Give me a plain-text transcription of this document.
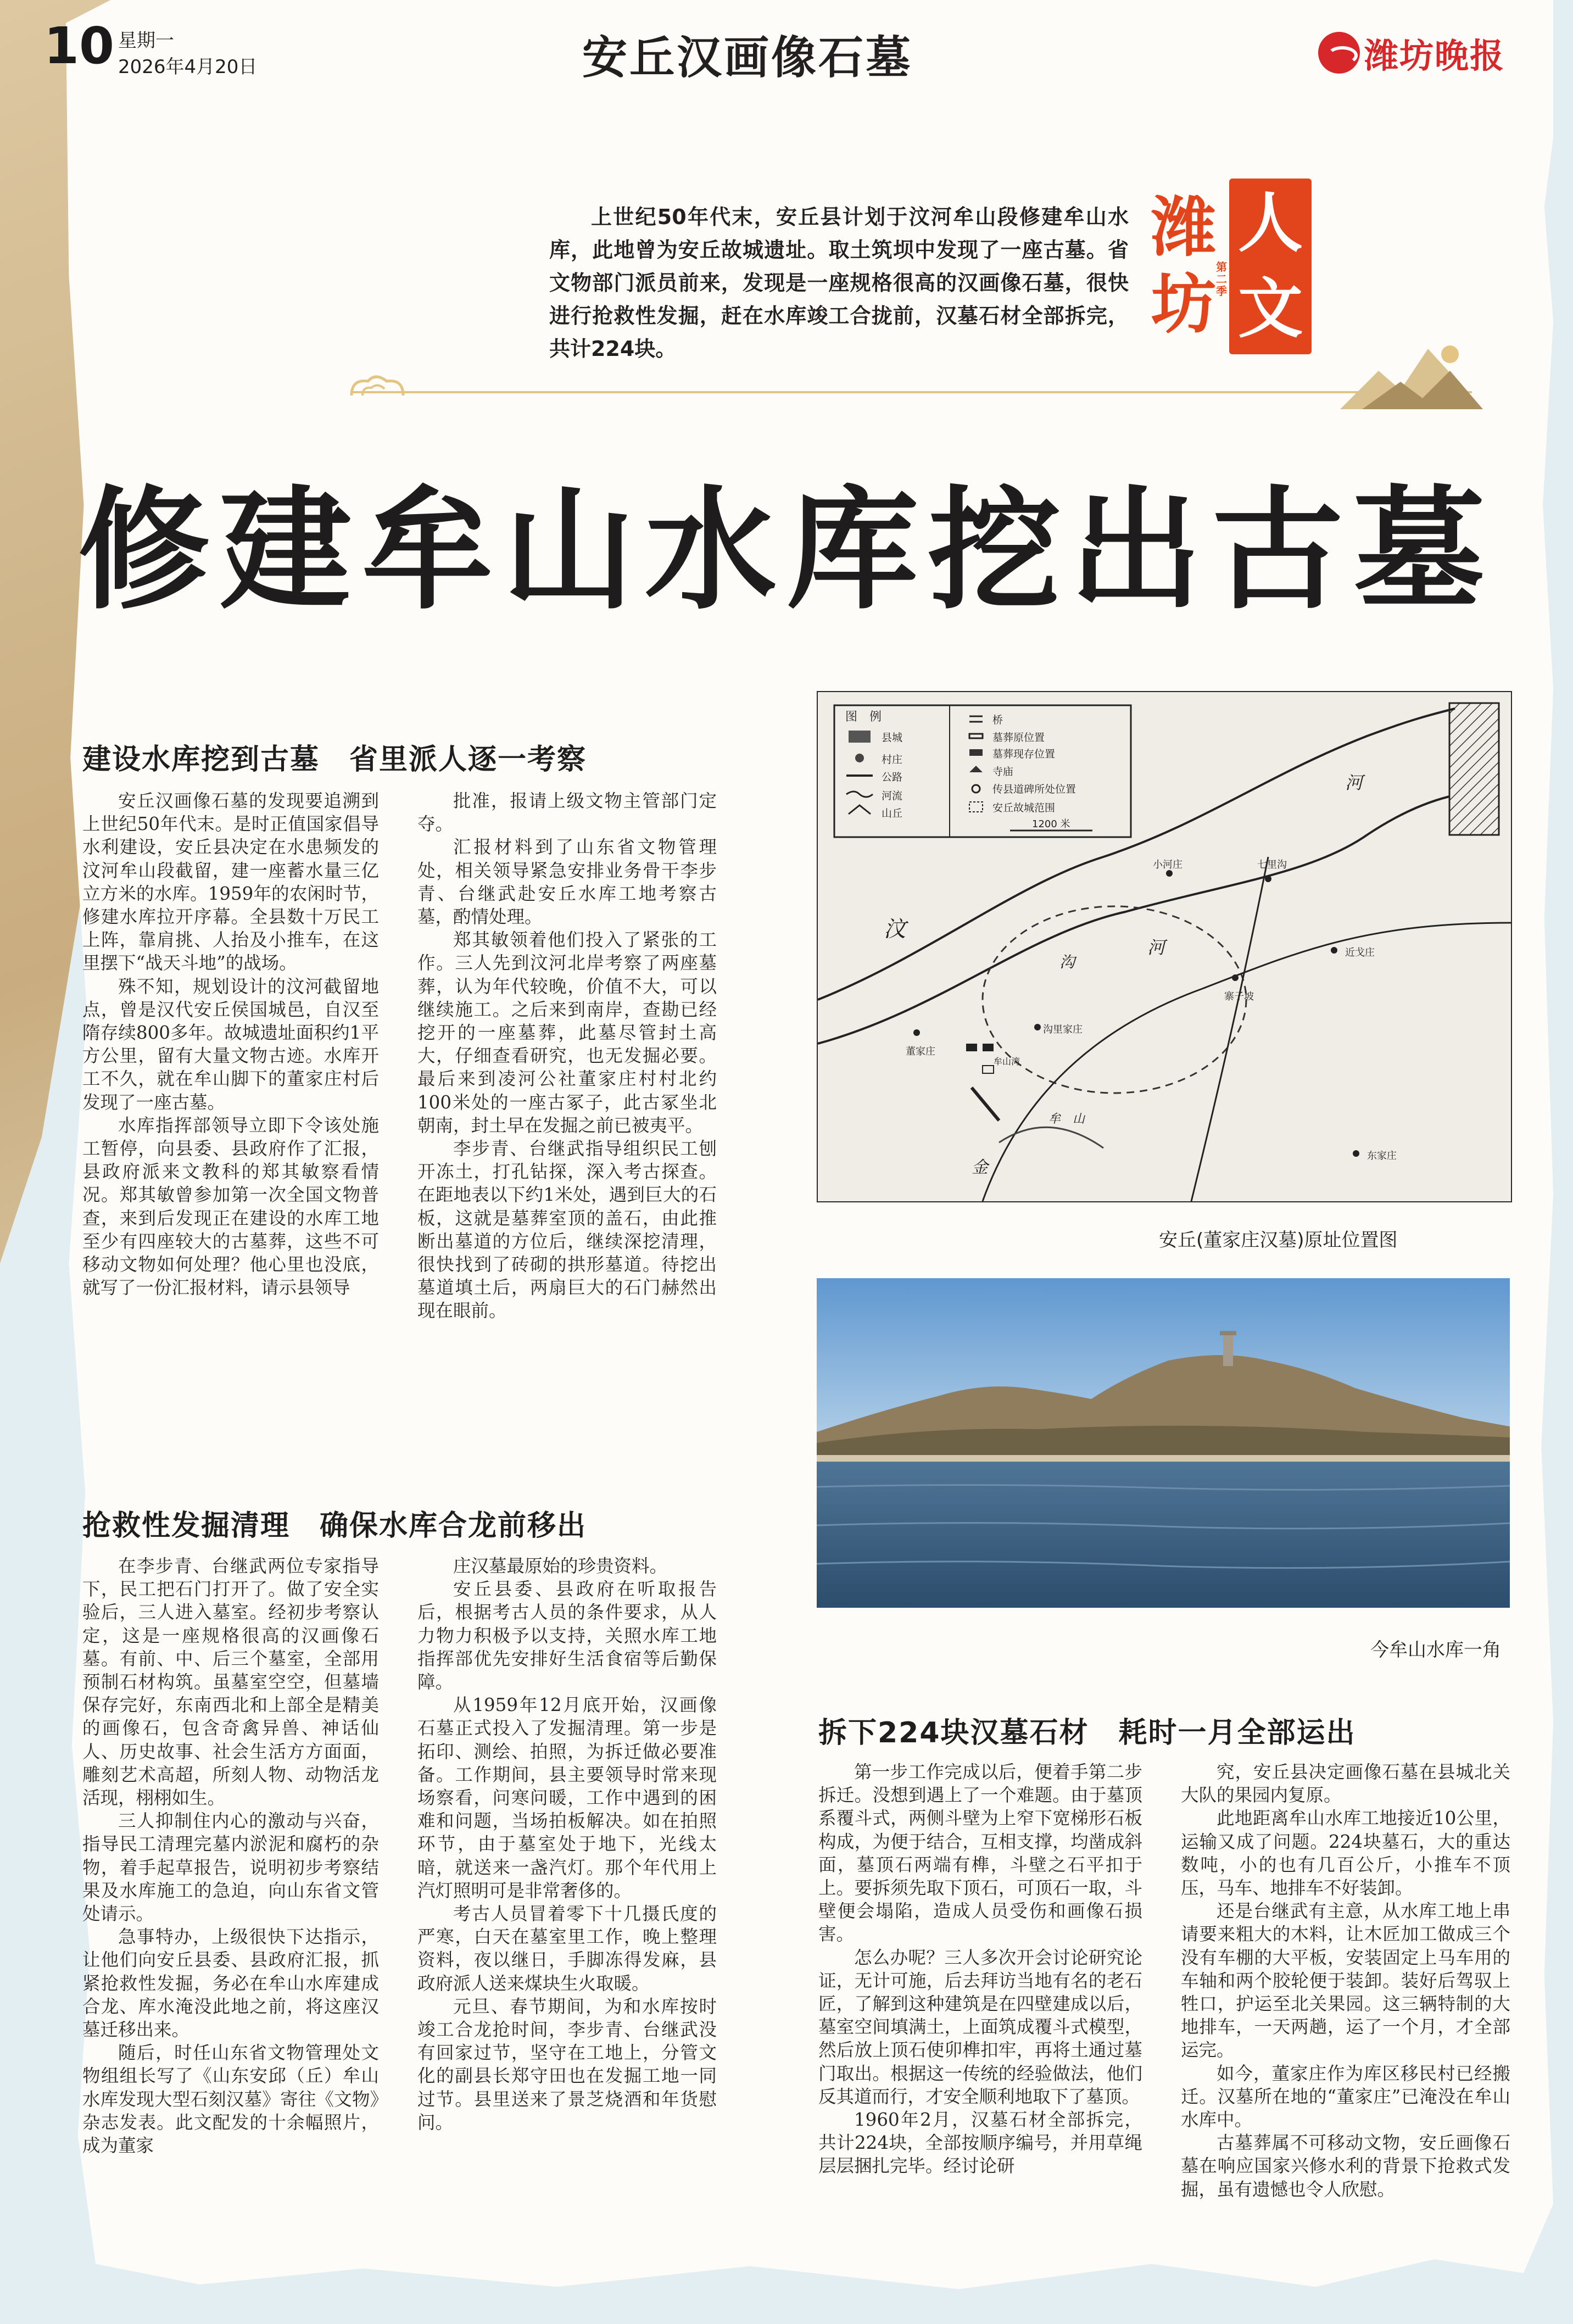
10 星期一
2026年4月20日	安丘汉画像石墓	潍坊晚报
上世纪50年代末，安丘县计划于汶河牟山段修建牟山水库，此地曾为安丘故城遗址。取土筑坝中发现了一座古墓。省文物部门派员前来，发现是一座规格很高的汉画像石墓，很快进行抢救性发掘，赶在水库竣工合拢前，汉墓石材全部拆完，共计224块。
潍
坊
人
文
第二季
修建牟山水库挖出古墓
建设水库挖到古墓　省里派人逐一考察
抢救性发掘清理　确保水库合龙前移出
拆下224块汉墓石材　耗时一月全部运出

安丘汉画像石墓的发现要追溯到上世纪50年代末。是时正值国家倡导水利建设，安丘县决定在水患频发的汶河牟山段截留，建一座蓄水量三亿立方米的水库。1959年的农闲时节，修建水库拉开序幕。全县数十万民工上阵，靠肩挑、人抬及小推车，在这里摆下“战天斗地”的战场。

殊不知，规划设计的汶河截留地点，曾是汉代安丘侯国城邑，自汉至隋存续800多年。故城遗址面积约1平方公里，留有大量文物古迹。水库开工不久，就在牟山脚下的董家庄村后发现了一座古墓。

水库指挥部领导立即下令该处施工暂停，向县委、县政府作了汇报，县政府派来文教科的郑其敏察看情况。郑其敏曾参加第一次全国文物普查，来到后发现正在建设的水库工地至少有四座较大的古墓葬，这些不可移动文物如何处理？他心里也没底，就写了一份汇报材料，请示县领导

批准，报请上级文物主管部门定夺。

汇报材料到了山东省文物管理处，相关领导紧急安排业务骨干李步青、台继武赴安丘水库工地考察古墓，酌情处理。

郑其敏领着他们投入了紧张的工作。三人先到汶河北岸考察了两座墓葬，认为年代较晚，价值不大，可以继续施工。之后来到南岸，查勘已经挖开的一座墓葬，此墓尽管封土高大，仔细查看研究，也无发掘必要。最后来到凌河公社董家庄村村北约100米处的一座古冢子，此古冢坐北朝南，封土早在发掘之前已被夷平。

李步青、台继武指导组织民工刨开冻土，打孔钻探，深入考古探查。在距地表以下约1米处，遇到巨大的石板，这就是墓葬室顶的盖石，由此推断出墓道的方位后，继续深挖清理，很快找到了砖砌的拱形墓道。待挖出墓道填土后，两扇巨大的石门赫然出现在眼前。

在李步青、台继武两位专家指导下，民工把石门打开了。做了安全实验后，三人进入墓室。经初步考察认定，这是一座规格很高的汉画像石墓。有前、中、后三个墓室，全部用预制石材构筑。虽墓室空空，但墓墙保存完好，东南西北和上部全是精美的画像石，包含奇禽异兽、神话仙人、历史故事、社会生活方方面面，雕刻艺术高超，所刻人物、动物活龙活现，栩栩如生。

三人抑制住内心的激动与兴奋，指导民工清理完墓内淤泥和腐朽的杂物，着手起草报告，说明初步考察结果及水库施工的急迫，向山东省文管处请示。

急事特办，上级很快下达指示，让他们向安丘县委、县政府汇报，抓紧抢救性发掘，务必在牟山水库建成合龙、库水淹没此地之前，将这座汉墓迁移出来。

随后，时任山东省文物管理处文物组组长写了《山东安邱（丘）牟山水库发现大型石刻汉墓》寄往《文物》杂志发表。此文配发的十余幅照片，成为董家

庄汉墓最原始的珍贵资料。

安丘县委、县政府在听取报告后，根据考古人员的条件要求，从人力物力积极予以支持，关照水库工地指挥部优先安排好生活食宿等后勤保障。

从1959年12月底开始，汉画像石墓正式投入了发掘清理。第一步是拓印、测绘、拍照，为拆迁做必要准备。工作期间，县主要领导时常来现场察看，问寒问暖，工作中遇到的困难和问题，当场拍板解决。如在拍照环节，由于墓室处于地下，光线太暗，就送来一盏汽灯。那个年代用上汽灯照明可是非常奢侈的。

考古人员冒着零下十几摄氏度的严寒，白天在墓室里工作，晚上整理资料，夜以继日，手脚冻得发麻，县政府派人送来煤块生火取暖。

元旦、春节期间，为和水库按时竣工合龙抢时间，李步青、台继武没有回家过节，坚守在工地上，分管文化的副县长郑守田也在发掘工地一同过节。县里送来了景芝烧酒和年货慰问。

第一步工作完成以后，便着手第二步拆迁。没想到遇上了一个难题。由于墓顶系覆斗式，两侧斗壁为上窄下宽梯形石板构成，为便于结合，互相支撑，均凿成斜面，墓顶石两端有榫，斗壁之石平扣于上。要拆须先取下顶石，可顶石一取，斗壁便会塌陷，造成人员受伤和画像石损害。

怎么办呢？三人多次开会讨论研究论证，无计可施，后去拜访当地有名的老石匠，了解到这种建筑是在四壁建成以后，墓室空间填满土，上面筑成覆斗式模型，然后放上顶石使卯榫扣牢，再将土通过墓门取出。根据这一传统的经验做法，他们反其道而行，才安全顺利地取下了墓顶。

1960年2月，汉墓石材全部拆完，共计224块，全部按顺序编号，并用草绳层层捆扎完毕。经讨论研

究，安丘县决定画像石墓在县城北关大队的果园内复原。

此地距离牟山水库工地接近10公里，运输又成了问题。224块墓石，大的重达数吨，小的也有几百公斤，小推车不顶压，马车、地排车不好装卸。

还是台继武有主意，从水库工地上串请要来粗大的木料，让木匠加工做成三个没有车棚的大平板，安装固定上马车用的车轴和两个胶轮便于装卸。装好后驾驭上牲口，护运至北关果园。这三辆特制的大地排车，一天两趟，运了一个月，才全部运完。

如今，董家庄作为库区移民村已经搬迁。汉墓所在地的“董家庄”已淹没在牟山水库中。

古墓葬属不可移动文物，安丘画像石墓在响应国家兴修水利的背景下抢救式发掘，虽有遗憾也令人欣慰。

图　例
县城
村庄
公路
河流
山丘
桥
墓葬原位置
墓葬现存位置
寺庙
传县道碑所处位置
安丘故城范围
1200 米
河
汶
河
小河庄	七里沟
近戈庄
寨子坡
沟
沟里家庄
董家庄
牟山湾
牟　山
金
东家庄
安丘(董家庄汉墓)原址位置图
今牟山水库一角
